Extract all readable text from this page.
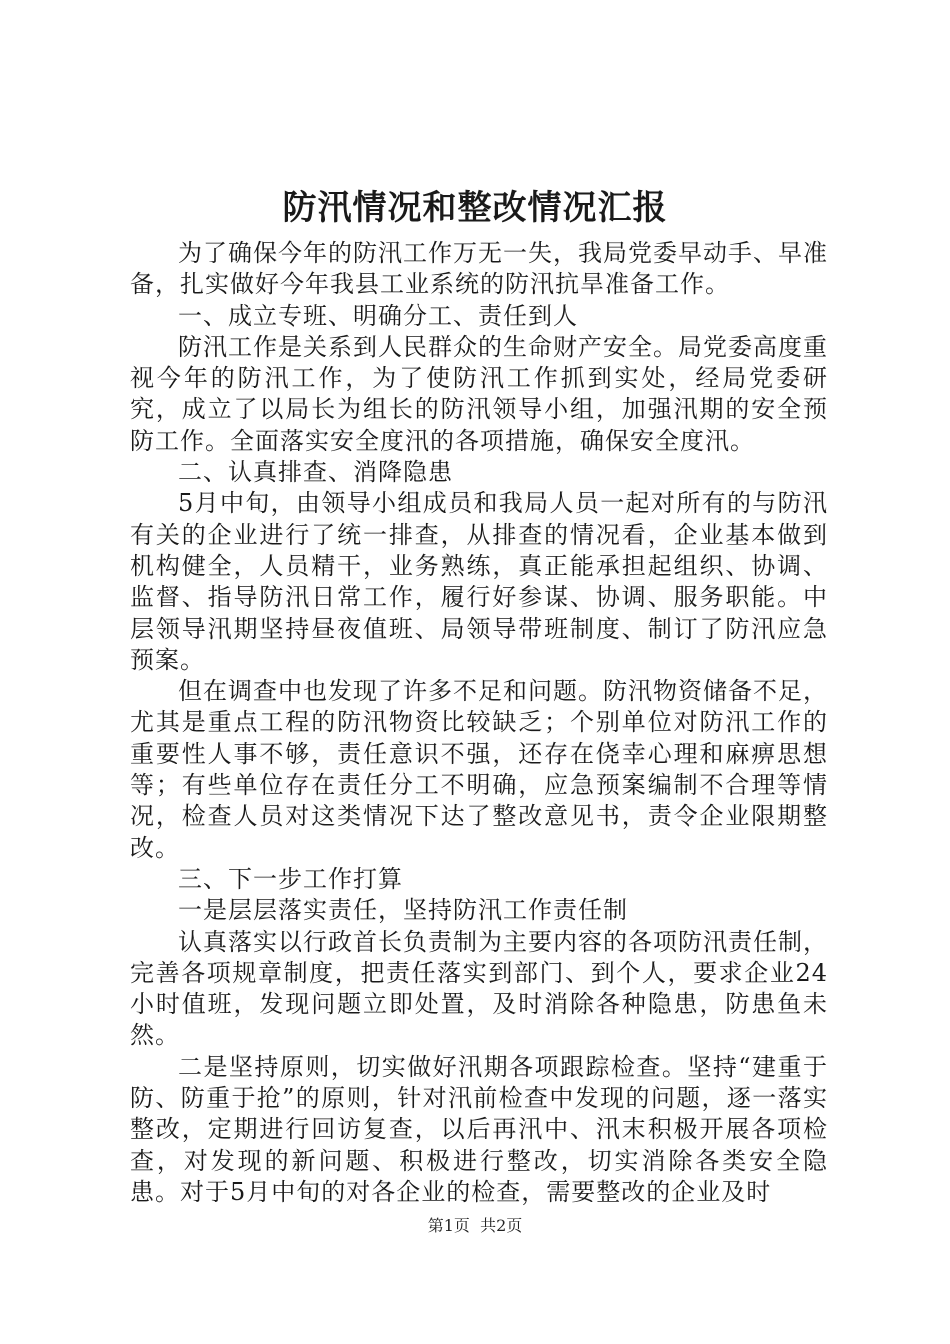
防汛情况和整改情况汇报

为了确保今年的防汛工作万无一失，我局党委早动手、早准备，扎实做好今年我县工业系统的防汛抗旱准备工作。

一、成立专班、明确分工、责任到人

防汛工作是关系到人民群众的生命财产安全。局党委高度重视今年的防汛工作，为了使防汛工作抓到实处，经局党委研究，成立了以局长为组长的防汛领导小组，加强汛期的安全预防工作。全面落实安全度汛的各项措施，确保安全度汛。

二、认真排查、消降隐患

5月中旬，由领导小组成员和我局人员一起对所有的与防汛有关的企业进行了统一排查，从排查的情况看，企业基本做到机构健全，人员精干，业务熟练，真正能承担起组织、协调、监督、指导防汛日常工作，履行好参谋、协调、服务职能。中层领导汛期坚持昼夜值班、局领导带班制度、制订了防汛应急预案。

但在调查中也发现了许多不足和问题。防汛物资储备不足，尤其是重点工程的防汛物资比较缺乏；个别单位对防汛工作的重要性人事不够，责任意识不强，还存在侥幸心理和麻痹思想等；有些单位存在责任分工不明确，应急预案编制不合理等情况，检查人员对这类情况下达了整改意见书，责令企业限期整改。

三、下一步工作打算

一是层层落实责任，坚持防汛工作责任制

认真落实以行政首长负责制为主要内容的各项防汛责任制，完善各项规章制度，把责任落实到部门、到个人，要求企业24小时值班，发现问题立即处置，及时消除各种隐患，防患鱼未然。

二是坚持原则，切实做好汛期各项跟踪检查。坚持“建重于防、防重于抢”的原则，针对汛前检查中发现的问题，逐一落实整改，定期进行回访复查，以后再汛中、汛末积极开展各项检查，对发现的新问题、积极进行整改，切实消除各类安全隐患。对于5月中旬的对各企业的检查，需要整改的企业及时

第1页 共2页
